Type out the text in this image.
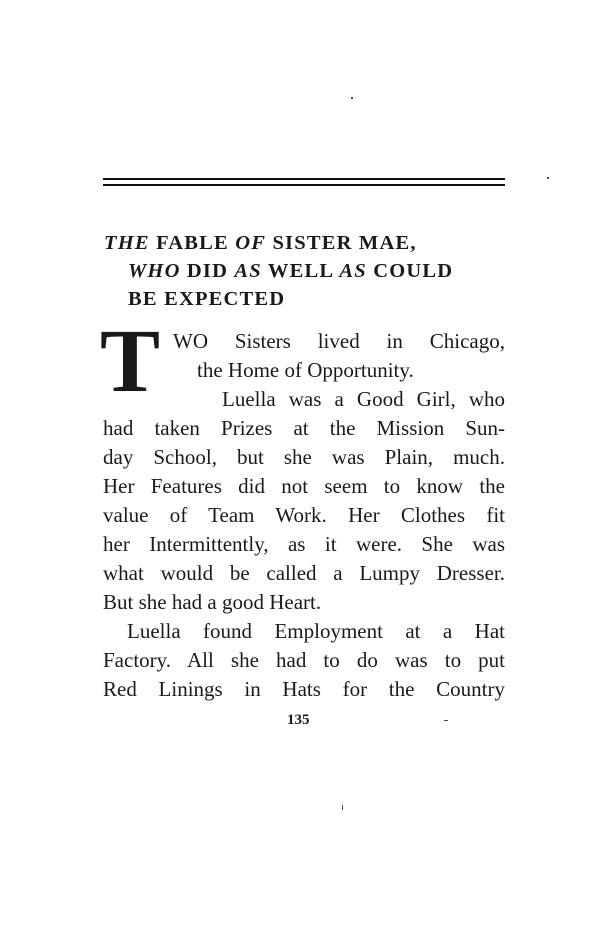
THE FABLE OF SISTER MAE,
WHO DID AS WELL AS COULD
BE EXPECTED
T WO Sisters lived in Chicago,
the Home of Opportunity.
Luella was a Good Girl, who
had taken Prizes at the Mission Sun-
day School, but she was Plain, much.
Her Features did not seem to know the
value of Team Work. Her Clothes fit
her Intermittently, as it were. She was
what would be called a Lumpy Dresser.
But she had a good Heart.
Luella found Employment at a Hat
Factory. All she had to do was to put
Red Linings in Hats for the Country
135
